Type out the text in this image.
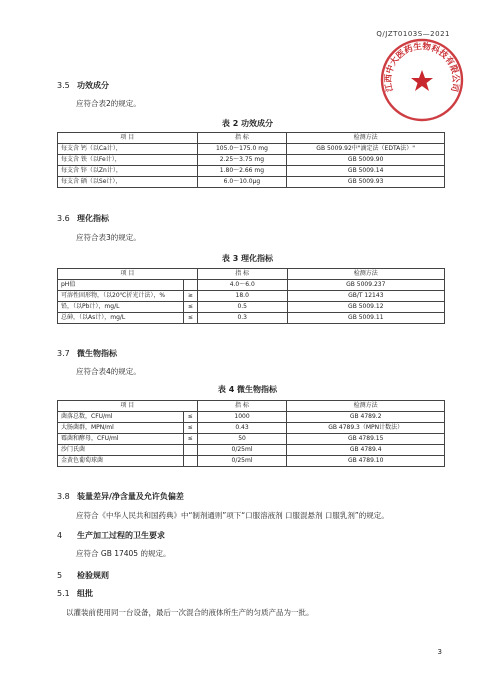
Q/JZT0103S—2021
江西中大医药生物科技有限公司
3.5 功效成分
应符合表2的规定。
表 2 功效成分
项 目	指 标	检测方法
每支含 钙（以Ca计），	105.0～175.0 mg	GB 5009.92中"滴定法（EDTA法）"
每支含 铁（以Fe计），	2.25～3.75 mg	GB 5009.90
每支含 锌（以Zn计），	1.80～2.66 mg	GB 5009.14
每支含 硒（以Se计），	6.0～10.0μg	GB 5009.93
3.6 理化指标
应符合表3的规定。
表 3 理化指标
项 目		指 标	检测方法
pH值		4.0～6.0	GB 5009.237
可溶性固形物，（以20℃折光计法），%	≥	18.0	GB/T 12143
铅，（以Pb计），mg/L	≤	0.5	GB 5009.12
总砷，（以As计），mg/L	≤	0.3	GB 5009.11
3.7 微生物指标
应符合表4的规定。
表 4 微生物指标
项 目		指 标	检测方法
菌落总数，CFU/ml	≤	1000	GB 4789.2
大肠菌群，MPN/ml	≤	0.43	GB 4789.3（MPN计数法）
霉菌和酵母，CFU/ml	≤	50	GB 4789.15
沙门氏菌		0/25ml	GB 4789.4
金黄色葡萄球菌		0/25ml	GB 4789.10
3.8 装量差异/净含量及允许负偏差
应符合《中华人民共和国药典》中“制剂通则”项下“口服溶液剂 口服混悬剂 口服乳剂”的规定。
4 生产加工过程的卫生要求
应符合 GB 17405 的规定。
5 检验规则
5.1 组批
以灌装前使用同一台设备，最后一次混合的液体所生产的匀质产品为一批。
3
